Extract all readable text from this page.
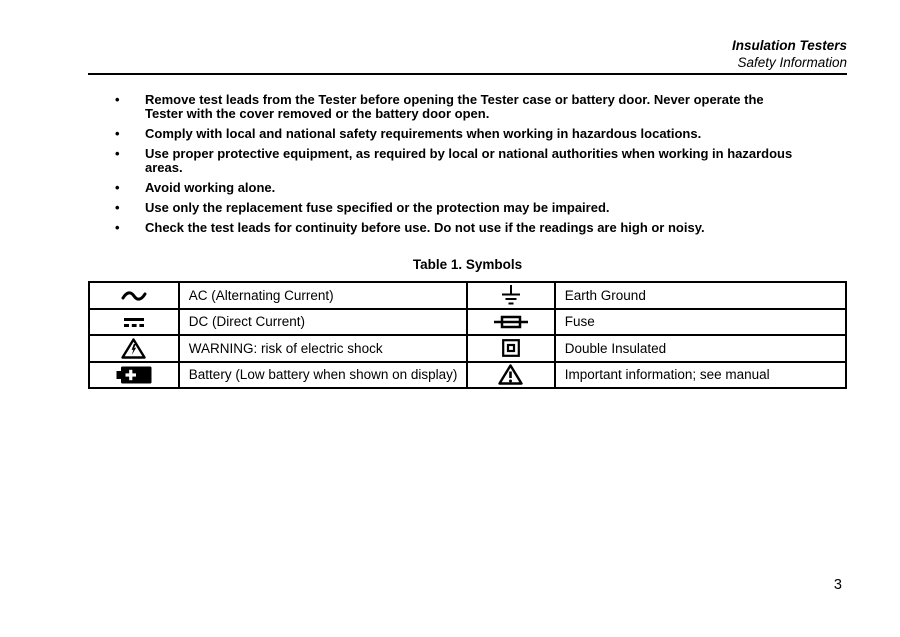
Insulation Testers
Safety Information
• Remove test leads from the Tester before opening the Tester case or battery door. Never operate the Tester with the cover removed or the battery door open.
• Comply with local and national safety requirements when working in hazardous locations.
• Use proper protective equipment, as required by local or national authorities when working in hazardous areas.
• Avoid working alone.
• Use only the replacement fuse specified or the protection may be impaired.
• Check the test leads for continuity before use. Do not use if the readings are high or noisy.
Table 1. Symbols
	AC (Alternating Current)		Earth Ground
	DC (Direct Current)		Fuse
	WARNING: risk of electric shock		Double Insulated
	Battery (Low battery when shown on display)		Important information; see manual
3
